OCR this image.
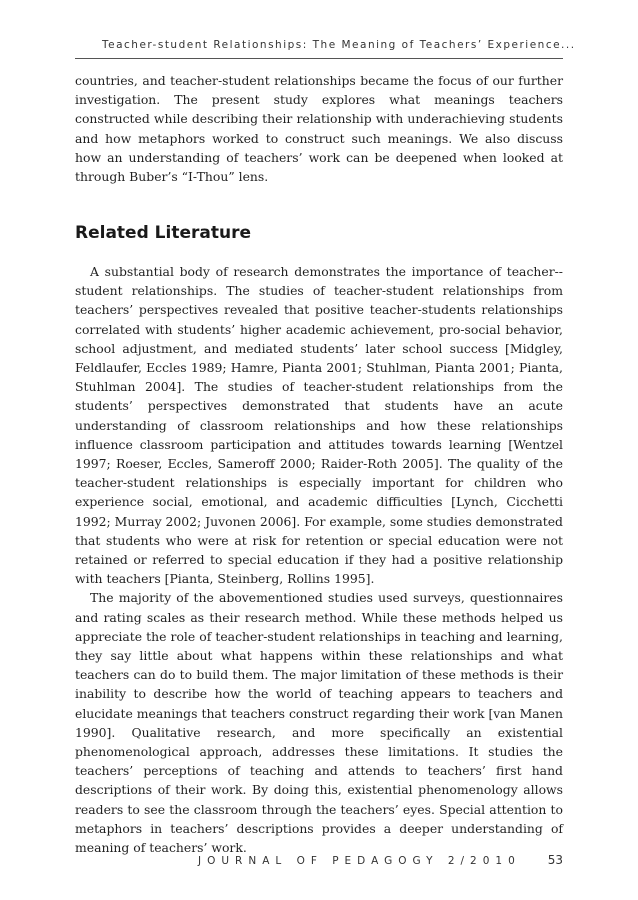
Teacher-student Relationships: The Meaning of Teachers’ Experience...

countries, and teacher-student relationships became the focus of our further investigation. The present study explores what meanings teachers constructed while describing their relationship with underachieving students and how metaphors worked to construct such meanings. We also discuss how an understanding of teachers’ work can be deepened when looked at through Buber’s “I-Thou” lens.

Related Literature

A substantial body of research demonstrates the importance of teacher--student relationships. The studies of teacher-student relationships from teachers’ perspectives revealed that positive teacher-students relationships correlated with students’ higher academic achievement, pro-social behavior, school adjustment, and mediated students’ later school success [Midgley, Feldlaufer, Eccles 1989; Hamre, Pianta 2001; Stuhlman, Pianta 2001; Pianta, Stuhlman 2004]. The studies of teacher-student relationships from the students’ perspectives demonstrated that students have an acute understanding of classroom relationships and how these relationships influence classroom participation and attitudes towards learning [Wentzel 1997; Roeser, Eccles, Sameroff 2000; Raider-Roth 2005]. The quality of the teacher-student relationships is especially important for children who experience social, emotional, and academic difficulties [Lynch, Cicchetti 1992; Murray 2002; Juvonen 2006]. For example, some studies demonstrated that students who were at risk for retention or special education were not retained or referred to special education if they had a positive relationship with teachers [Pianta, Steinberg, Rollins 1995].

The majority of the abovementioned studies used surveys, questionnaires and rating scales as their research method. While these methods helped us appreciate the role of teacher-student relationships in teaching and learning, they say little about what happens within these relationships and what teachers can do to build them. The major limitation of these methods is their inability to describe how the world of teaching appears to teachers and elucidate meanings that teachers construct regarding their work [van Manen 1990]. Qualitative research, and more specifically an existential phenomenological approach, addresses these limitations. It studies the teachers’ perceptions of teaching and attends to teachers’ first hand descriptions of their work. By doing this, existential phenomenology allows readers to see the classroom through the teachers’ eyes. Special attention to metaphors in teachers’ descriptions provides a deeper understanding of meaning of teachers’ work.

JOURNAL OF PEDAGOGY 2/2010 53
